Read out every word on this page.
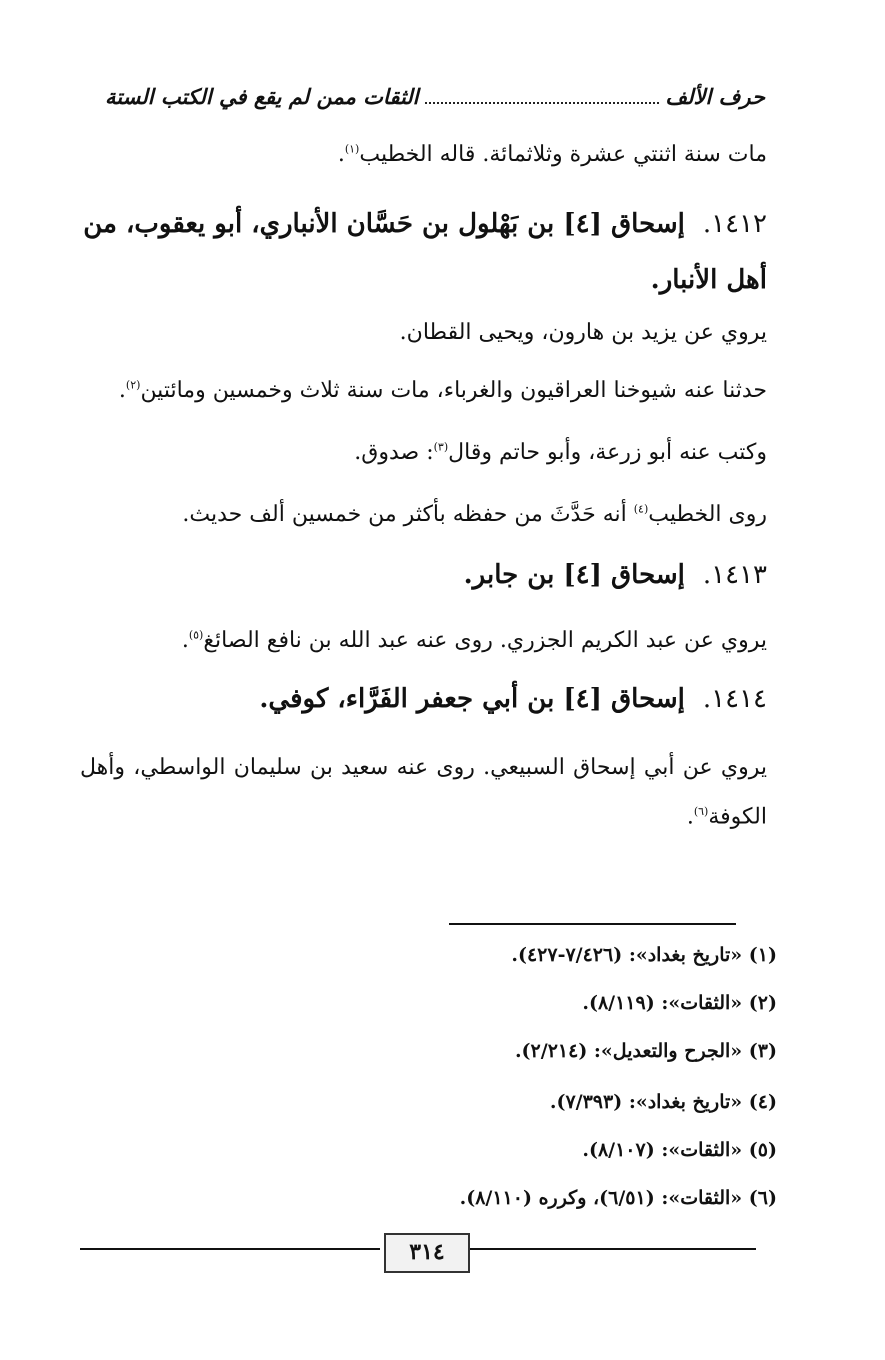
حرف الألف
الثقات ممن لم يقع في الكتب الستة
مات سنة اثنتي عشرة وثلاثمائة. قاله الخطيب$^{(١)}$.
١٤١٢.إسحاق [٤] بن بَهْلول بن حَسَّان الأنباري، أبو يعقوب، من أهل الأنبار.
يروي عن يزيد بن هارون، ويحيى القطان.
حدثنا عنه شيوخنا العراقيون والغرباء، مات سنة ثلاث وخمسين ومائتين$^{(٢)}$.
وكتب عنه أبو زرعة، وأبو حاتم وقال$^{(٣)}$: صدوق.
روى الخطيب$^{(٤)}$ أنه حَدَّثَ من حفظه بأكثر من خمسين ألف حديث.
١٤١٣.إسحاق [٤] بن جابر.
يروي عن عبد الكريم الجزري. روى عنه عبد الله بن نافع الصائغ$^{(٥)}$.
١٤١٤.إسحاق [٤] بن أبي جعفر الفَرَّاء، كوفي.
يروي عن أبي إسحاق السبيعي. روى عنه سعيد بن سليمان الواسطي، وأهل الكوفة$^{(٦)}$.
(١) «تاريخ بغداد»: (٧/٤٢٦-٤٢٧).
(٢) «الثقات»: (٨/١١٩).
(٣) «الجرح والتعديل»: (٢/٢١٤).
(٤) «تاريخ بغداد»: (٧/٣٩٣).
(٥) «الثقات»: (٨/١٠٧).
(٦) «الثقات»: (٦/٥١)، وكرره (٨/١١٠).
٣١٤
